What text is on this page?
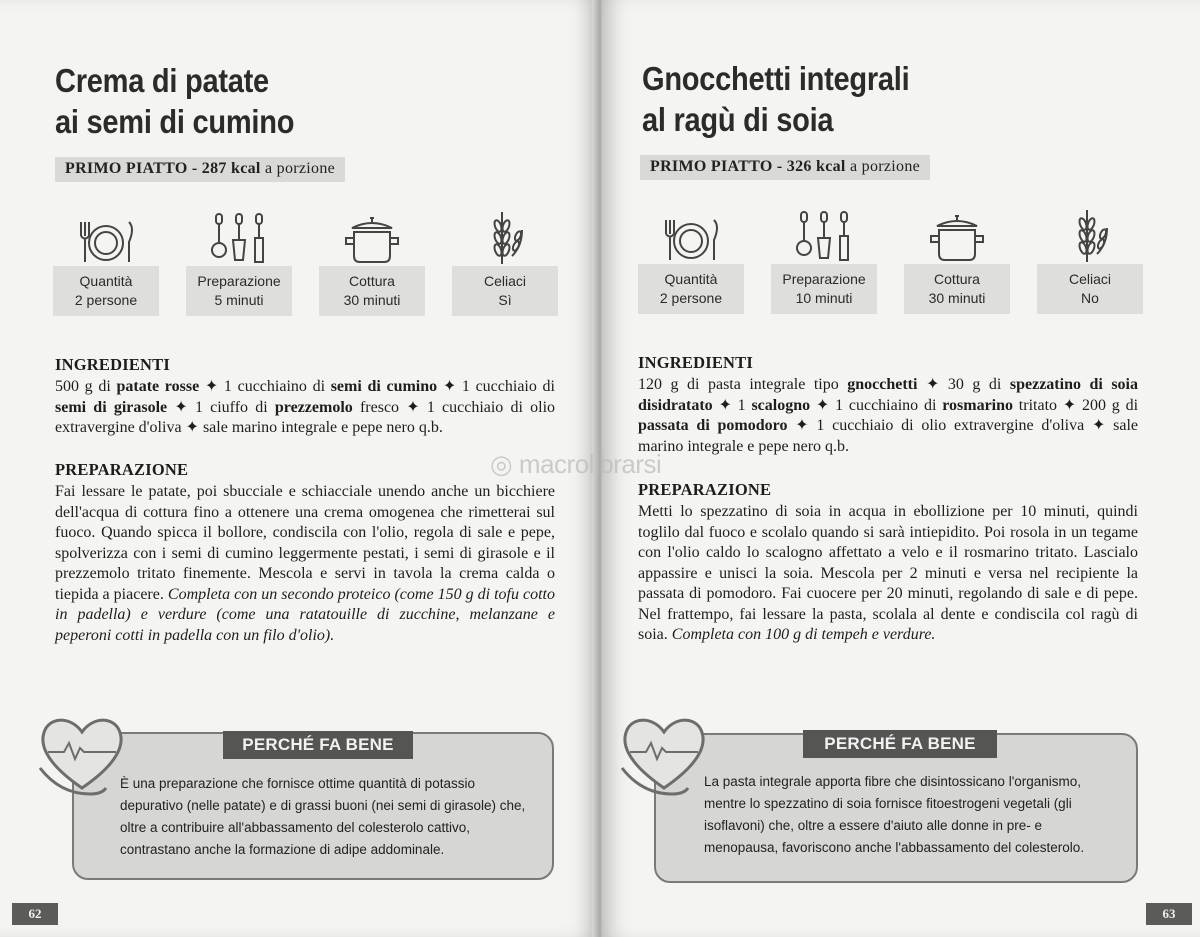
Crema di patate
ai semi di cumino
PRIMO PIATTO - 287 kcal a porzione
Quantità
2 persone
Preparazione
5 minuti
Cottura
30 minuti
Celiaci
Sì
INGREDIENTI

500 g di patate rosse ✦ 1 cucchiaino di semi di cumino ✦ 1 cucchiaio di semi di girasole ✦ 1 ciuffo di prezzemolo fresco ✦ 1 cucchiaio di olio extravergine d'oliva ✦ sale marino integrale e pepe nero q.b.

PREPARAZIONE

Fai lessare le patate, poi sbucciale e schiacciale unendo anche un bicchiere dell'acqua di cottura fino a ottenere una crema omogenea che rimetterai sul fuoco. Quando spicca il bollore, condiscila con l'olio, regola di sale e pepe, spolverizza con i semi di cumino leggermente pestati, i semi di girasole e il prezzemolo tritato finemente. Mescola e servi in tavola la crema calda o tiepida a piacere. Completa con un secondo proteico (come 150 g di tofu cotto in padella) e verdure (come una ratatouille di zucchine, melanzane e peperoni cotti in padella con un filo d'olio).

PERCHÉ FA BENE

È una preparazione che fornisce ottime quantità di potassio depurativo (nelle patate) e di grassi buoni (nei semi di girasole) che, oltre a contribuire all'abbassamento del colesterolo cattivo, contrastano anche la formazione di adipe addominale.

62
Gnocchetti integrali
al ragù di soia
PRIMO PIATTO - 326 kcal a porzione
Quantità
2 persone
Preparazione
10 minuti
Cottura
30 minuti
Celiaci
No
INGREDIENTI

120 g di pasta integrale tipo gnocchetti ✦ 30 g di spezzatino di soia disidratato ✦ 1 scalogno ✦ 1 cucchiaino di rosmarino tritato ✦ 200 g di passata di pomodoro ✦ 1 cucchiaio di olio extravergine d'oliva ✦ sale marino integrale e pepe nero q.b.

PREPARAZIONE

Metti lo spezzatino di soia in acqua in ebollizione per 10 minuti, quindi toglilo dal fuoco e scolalo quando si sarà intiepidito. Poi rosola in un tegame con l'olio caldo lo scalogno affettato a velo e il rosmarino tritato. Lascialo appassire e unisci la soia. Mescola per 2 minuti e versa nel recipiente la passata di pomodoro. Fai cuocere per 20 minuti, regolando di sale e di pepe. Nel frattempo, fai lessare la pasta, scolala al dente e condiscila col ragù di soia. Completa con 100 g di tempeh e verdure.

PERCHÉ FA BENE

La pasta integrale apporta fibre che disintossicano l'organismo, mentre lo spezzatino di soia fornisce fitoestrogeni vegetali (gli isoflavoni) che, oltre a essere d'aiuto alle donne in pre- e menopausa, favoriscono anche l'abbassamento del colesterolo.

63
◎ macrolibrarsi
